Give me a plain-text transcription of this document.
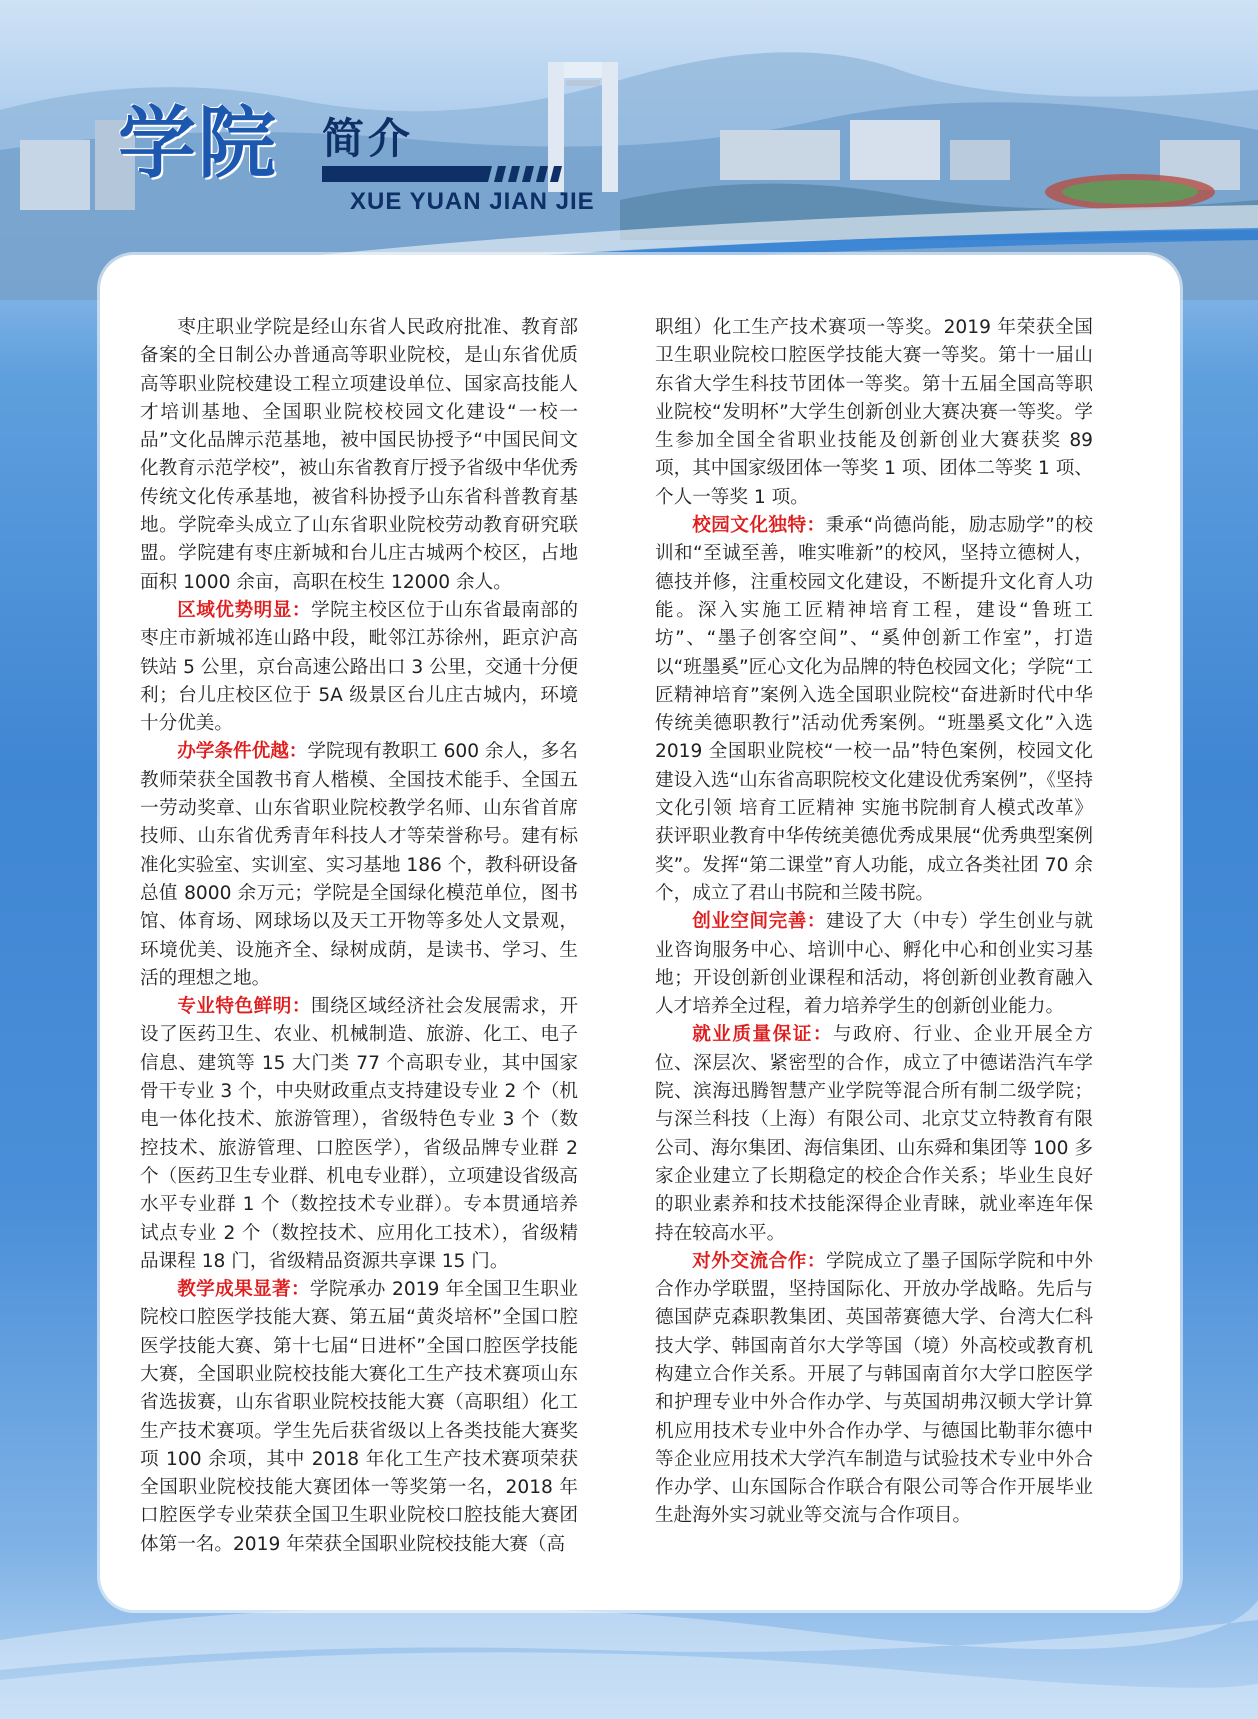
学院 简介
XUE YUAN JIAN JIE

枣庄职业学院是经山东省人民政府批准、教育部备案的全日制公办普通高等职业院校，是山东省优质高等职业院校建设工程立项建设单位、国家高技能人才培训基地、全国职业院校校园文化建设“一校一品”文化品牌示范基地，被中国民协授予“中国民间文化教育示范学校”，被山东省教育厅授予省级中华优秀传统文化传承基地，被省科协授予山东省科普教育基地。学院牵头成立了山东省职业院校劳动教育研究联盟。学院建有枣庄新城和台儿庄古城两个校区，占地面积 1000 余亩，高职在校生 12000 余人。

区域优势明显：学院主校区位于山东省最南部的枣庄市新城祁连山路中段，毗邻江苏徐州，距京沪高铁站 5 公里，京台高速公路出口 3 公里，交通十分便利；台儿庄校区位于 5A 级景区台儿庄古城内，环境十分优美。

办学条件优越：学院现有教职工 600 余人，多名教师荣获全国教书育人楷模、全国技术能手、全国五一劳动奖章、山东省职业院校教学名师、山东省首席技师、山东省优秀青年科技人才等荣誉称号。建有标准化实验室、实训室、实习基地 186 个，教科研设备总值 8000 余万元；学院是全国绿化模范单位，图书馆、体育场、网球场以及天工开物等多处人文景观，环境优美、设施齐全、绿树成荫，是读书、学习、生活的理想之地。

专业特色鲜明：围绕区域经济社会发展需求，开设了医药卫生、农业、机械制造、旅游、化工、电子信息、建筑等 15 大门类 77 个高职专业，其中国家骨干专业 3 个，中央财政重点支持建设专业 2 个（机电一体化技术、旅游管理），省级特色专业 3 个（数控技术、旅游管理、口腔医学），省级品牌专业群 2 个（医药卫生专业群、机电专业群），立项建设省级高水平专业群 1 个（数控技术专业群）。专本贯通培养试点专业 2 个（数控技术、应用化工技术），省级精品课程 18 门，省级精品资源共享课 15 门。

教学成果显著：学院承办 2019 年全国卫生职业院校口腔医学技能大赛、第五届“黄炎培杯”全国口腔医学技能大赛、第十七届“日进杯”全国口腔医学技能大赛，全国职业院校技能大赛化工生产技术赛项山东省选拔赛，山东省职业院校技能大赛（高职组）化工生产技术赛项。学生先后获省级以上各类技能大赛奖项 100 余项，其中 2018 年化工生产技术赛项荣获全国职业院校技能大赛团体一等奖第一名，2018 年口腔医学专业荣获全国卫生职业院校口腔技能大赛团体第一名。2019 年荣获全国职业院校技能大赛（高

职组）化工生产技术赛项一等奖。2019 年荣获全国卫生职业院校口腔医学技能大赛一等奖。第十一届山东省大学生科技节团体一等奖。第十五届全国高等职业院校“发明杯”大学生创新创业大赛决赛一等奖。学生参加全国全省职业技能及创新创业大赛获奖 89 项，其中国家级团体一等奖 1 项、团体二等奖 1 项、个人一等奖 1 项。

校园文化独特：秉承“尚德尚能，励志励学”的校训和“至诚至善，唯实唯新”的校风，坚持立德树人，德技并修，注重校园文化建设，不断提升文化育人功能。深入实施工匠精神培育工程，建设“鲁班工坊”、“墨子创客空间”、“奚仲创新工作室”，打造以“班墨奚”匠心文化为品牌的特色校园文化；学院“工匠精神培育”案例入选全国职业院校“奋进新时代中华传统美德职教行”活动优秀案例。“班墨奚文化”入选 2019 全国职业院校“一校一品”特色案例，校园文化建设入选“山东省高职院校文化建设优秀案例”，《坚持文化引领 培育工匠精神 实施书院制育人模式改革》获评职业教育中华传统美德优秀成果展“优秀典型案例奖”。发挥“第二课堂”育人功能，成立各类社团 70 余个，成立了君山书院和兰陵书院。

创业空间完善：建设了大（中专）学生创业与就业咨询服务中心、培训中心、孵化中心和创业实习基地；开设创新创业课程和活动，将创新创业教育融入人才培养全过程，着力培养学生的创新创业能力。

就业质量保证：与政府、行业、企业开展全方位、深层次、紧密型的合作，成立了中德诺浩汽车学院、滨海迅腾智慧产业学院等混合所有制二级学院；与深兰科技（上海）有限公司、北京艾立特教育有限公司、海尔集团、海信集团、山东舜和集团等 100 多家企业建立了长期稳定的校企合作关系；毕业生良好的职业素养和技术技能深得企业青睐，就业率连年保持在较高水平。

对外交流合作：学院成立了墨子国际学院和中外合作办学联盟，坚持国际化、开放办学战略。先后与德国萨克森职教集团、英国蒂赛德大学、台湾大仁科技大学、韩国南首尔大学等国（境）外高校或教育机构建立合作关系。开展了与韩国南首尔大学口腔医学和护理专业中外合作办学、与英国胡弗汉顿大学计算机应用技术专业中外合作办学、与德国比勒菲尔德中等企业应用技术大学汽车制造与试验技术专业中外合作办学、山东国际合作联合有限公司等合作开展毕业生赴海外实习就业等交流与合作项目。
